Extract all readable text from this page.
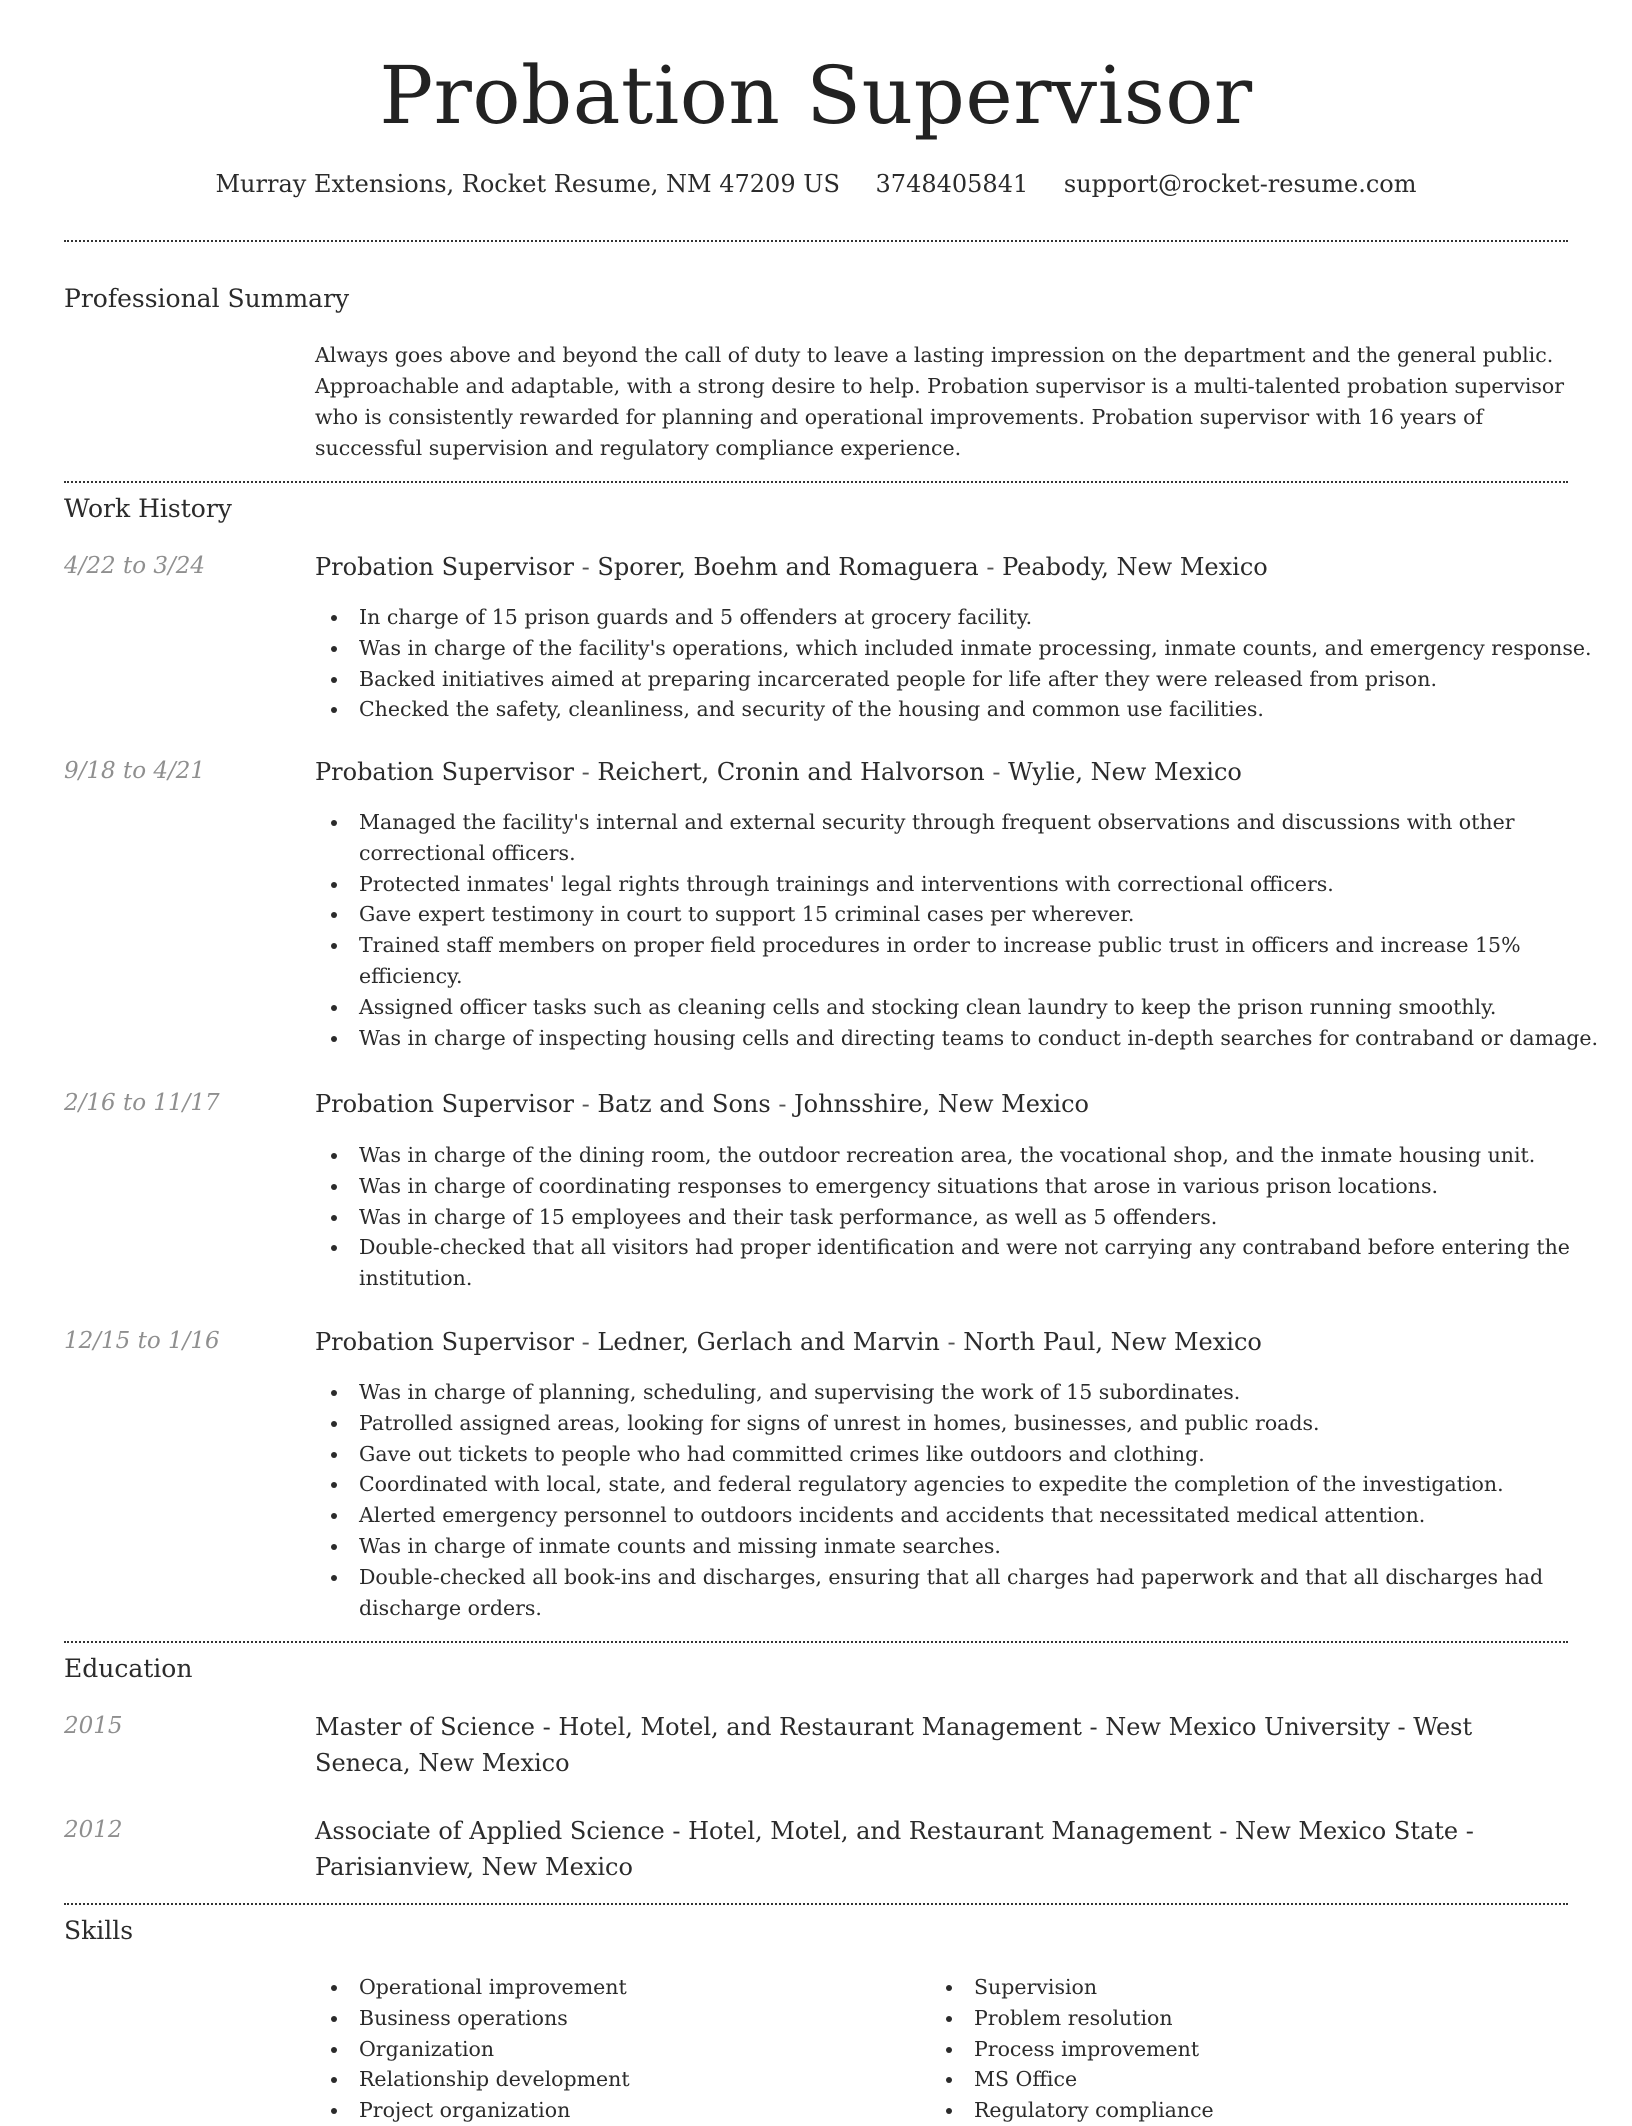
Probation Supervisor
Murray Extensions, Rocket Resume, NM 47209 US 3748405841 support@rocket-resume.com
Professional Summary
Always goes above and beyond the call of duty to leave a lasting impression on the department and the general public. Approachable and adaptable, with a strong desire to help. Probation supervisor is a multi-talented probation supervisor who is consistently rewarded for planning and operational improvements. Probation supervisor with 16 years of successful supervision and regulatory compliance experience.
Work History
4/22 to 3/24	Probation Supervisor - Sporer, Boehm and Romaguera - Peabody, New Mexico
In charge of 15 prison guards and 5 offenders at grocery facility.
Was in charge of the facility's operations, which included inmate processing, inmate counts, and emergency response.
Backed initiatives aimed at preparing incarcerated people for life after they were released from prison.
Checked the safety, cleanliness, and security of the housing and common use facilities.
9/18 to 4/21	Probation Supervisor - Reichert, Cronin and Halvorson - Wylie, New Mexico
Managed the facility's internal and external security through frequent observations and discussions with other correctional officers.
Protected inmates' legal rights through trainings and interventions with correctional officers.
Gave expert testimony in court to support 15 criminal cases per wherever.
Trained staff members on proper field procedures in order to increase public trust in officers and increase 15% efficiency.
Assigned officer tasks such as cleaning cells and stocking clean laundry to keep the prison running smoothly.
Was in charge of inspecting housing cells and directing teams to conduct in-depth searches for contraband or damage.
2/16 to 11/17	Probation Supervisor - Batz and Sons - Johnsshire, New Mexico
Was in charge of the dining room, the outdoor recreation area, the vocational shop, and the inmate housing unit.
Was in charge of coordinating responses to emergency situations that arose in various prison locations.
Was in charge of 15 employees and their task performance, as well as 5 offenders.
Double-checked that all visitors had proper identification and were not carrying any contraband before entering the institution.
12/15 to 1/16	Probation Supervisor - Ledner, Gerlach and Marvin - North Paul, New Mexico
Was in charge of planning, scheduling, and supervising the work of 15 subordinates.
Patrolled assigned areas, looking for signs of unrest in homes, businesses, and public roads.
Gave out tickets to people who had committed crimes like outdoors and clothing.
Coordinated with local, state, and federal regulatory agencies to expedite the completion of the investigation.
Alerted emergency personnel to outdoors incidents and accidents that necessitated medical attention.
Was in charge of inmate counts and missing inmate searches.
Double-checked all book-ins and discharges, ensuring that all charges had paperwork and that all discharges had discharge orders.
Education
2015	Master of Science - Hotel, Motel, and Restaurant Management - New Mexico University - West Seneca, New Mexico
2012	Associate of Applied Science - Hotel, Motel, and Restaurant Management - New Mexico State - Parisianview, New Mexico
Skills
Operational improvement
Business operations
Organization
Relationship development
Project organization
Supervision
Problem resolution
Process improvement
MS Office
Regulatory compliance
